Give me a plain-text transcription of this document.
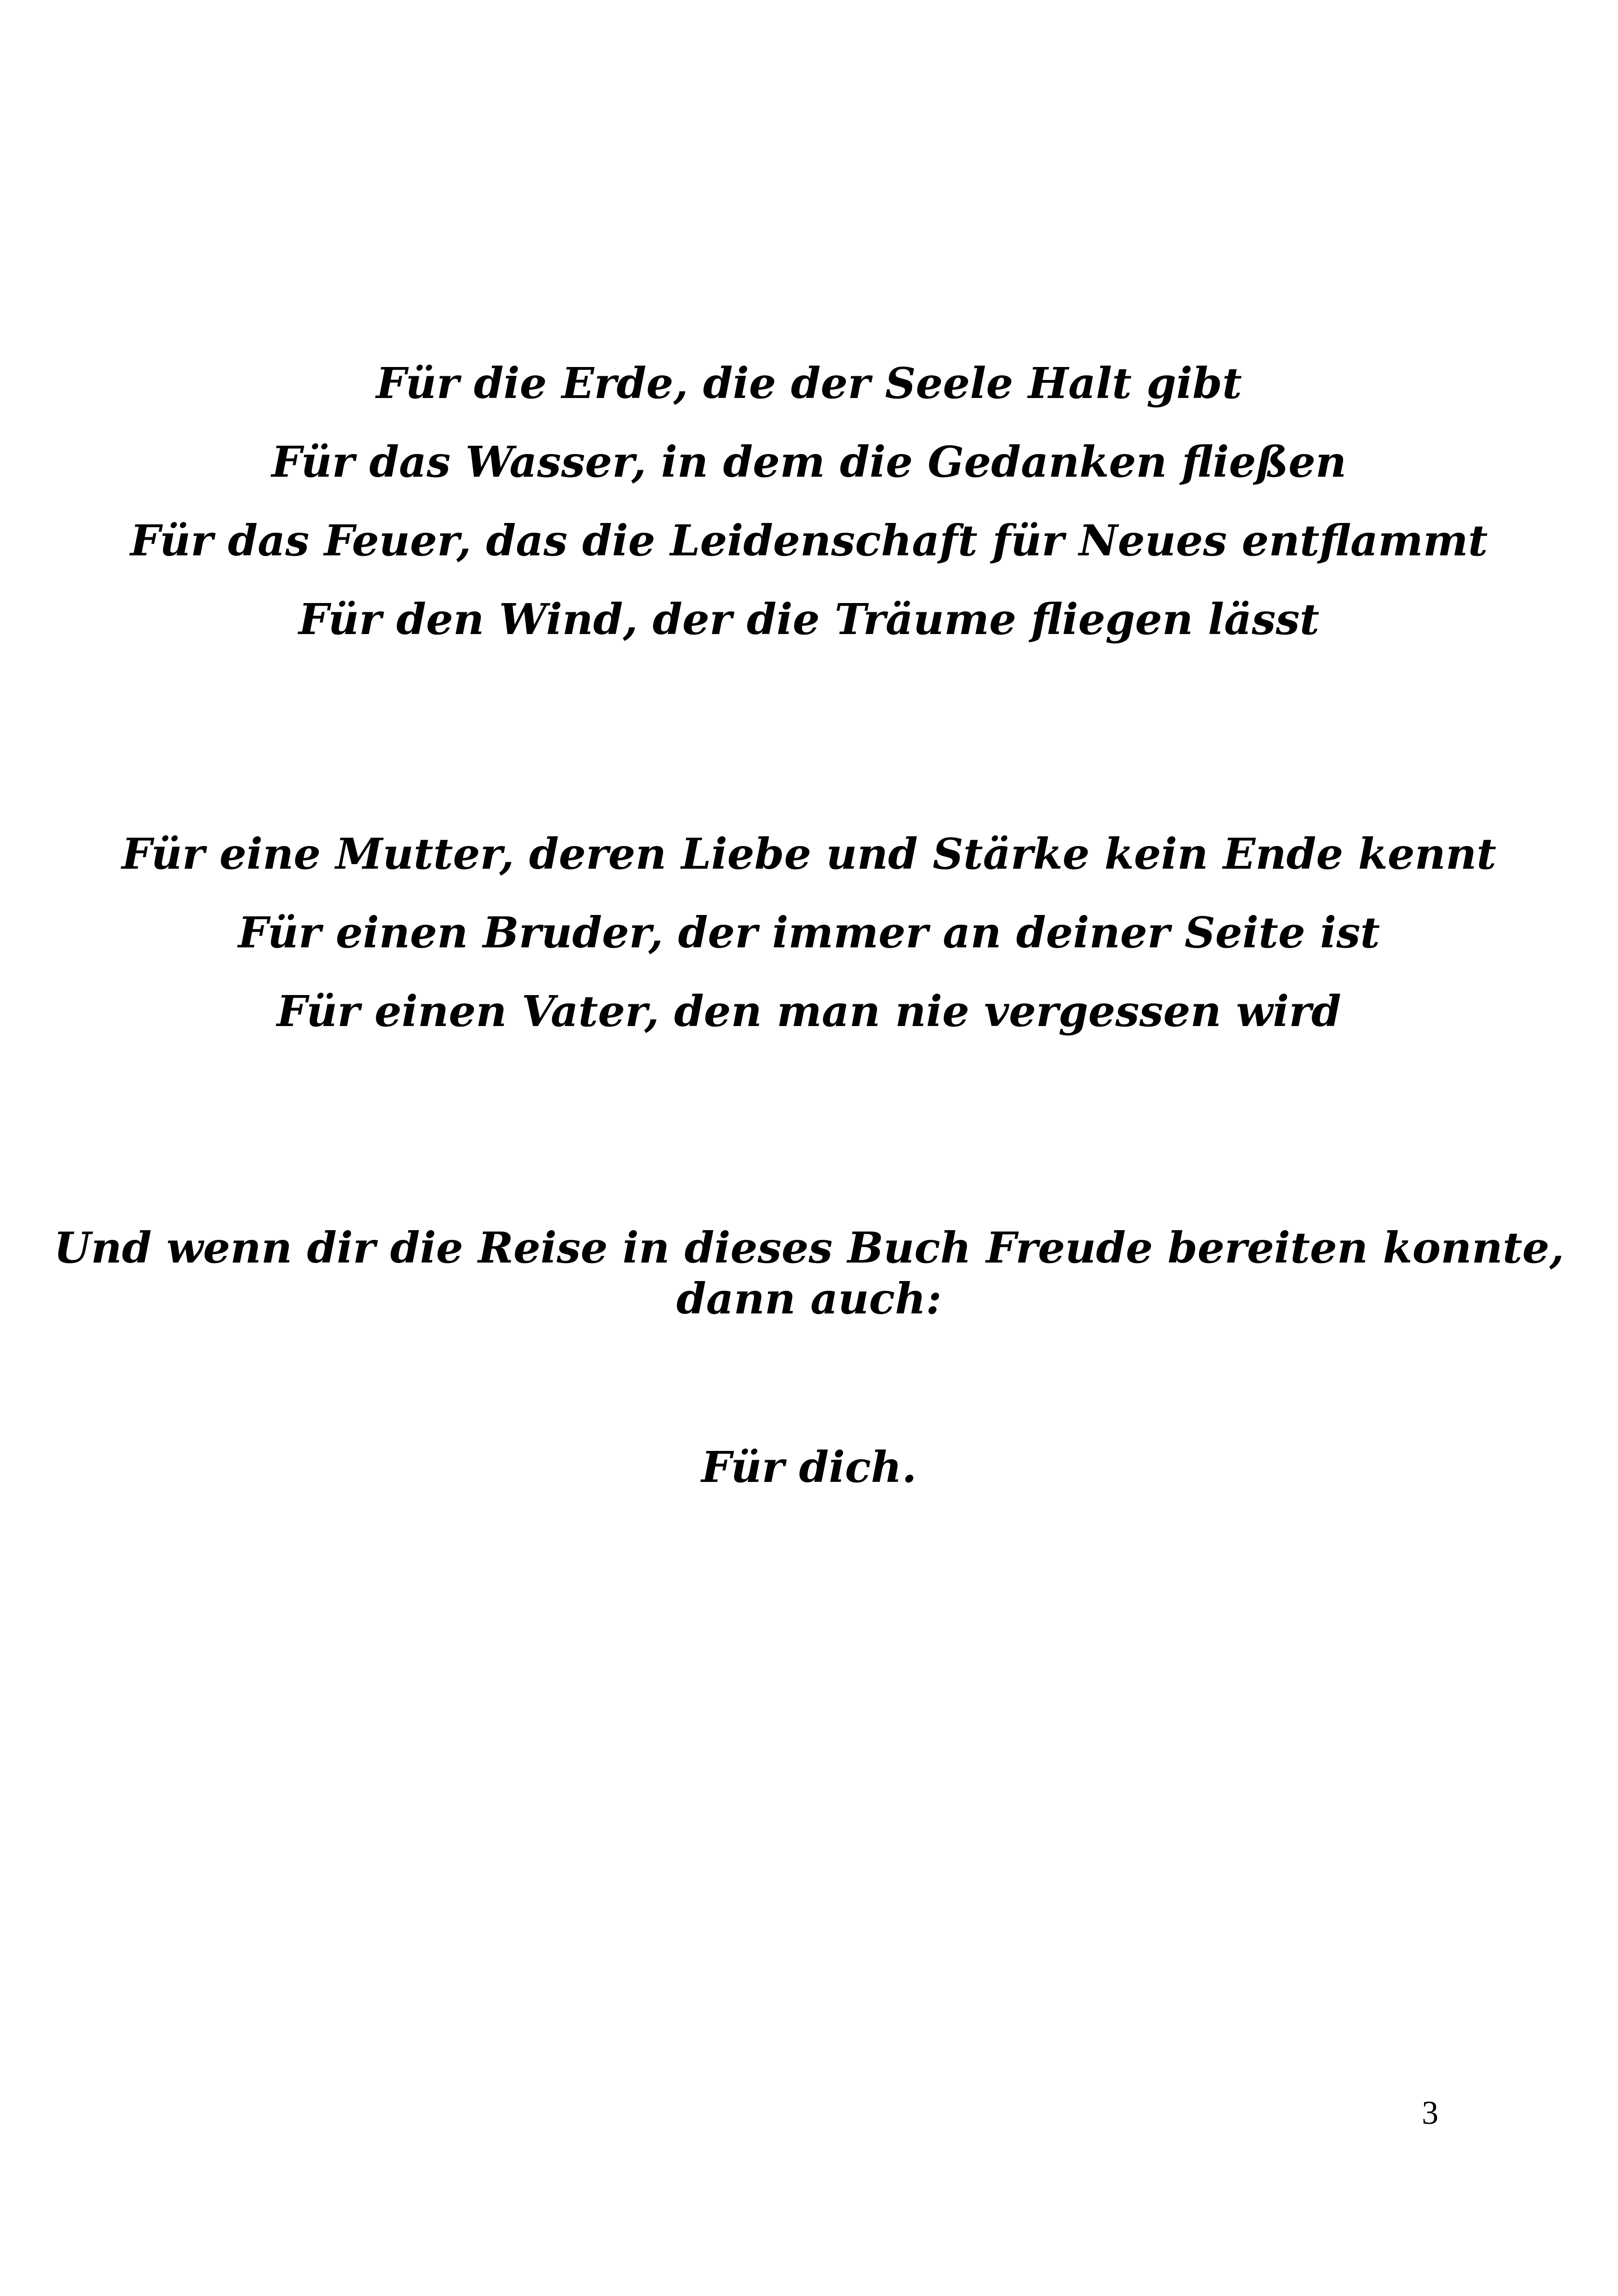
Für die Erde, die der Seele Halt gibt
Für das Wasser, in dem die Gedanken fließen
Für das Feuer, das die Leidenschaft für Neues entflammt
Für den Wind, der die Träume fliegen lässt
Für eine Mutter, deren Liebe und Stärke kein Ende kennt
Für einen Bruder, der immer an deiner Seite ist
Für einen Vater, den man nie vergessen wird
Und wenn dir die Reise in dieses Buch Freude bereiten konnte,
dann auch:
Für dich.
3
